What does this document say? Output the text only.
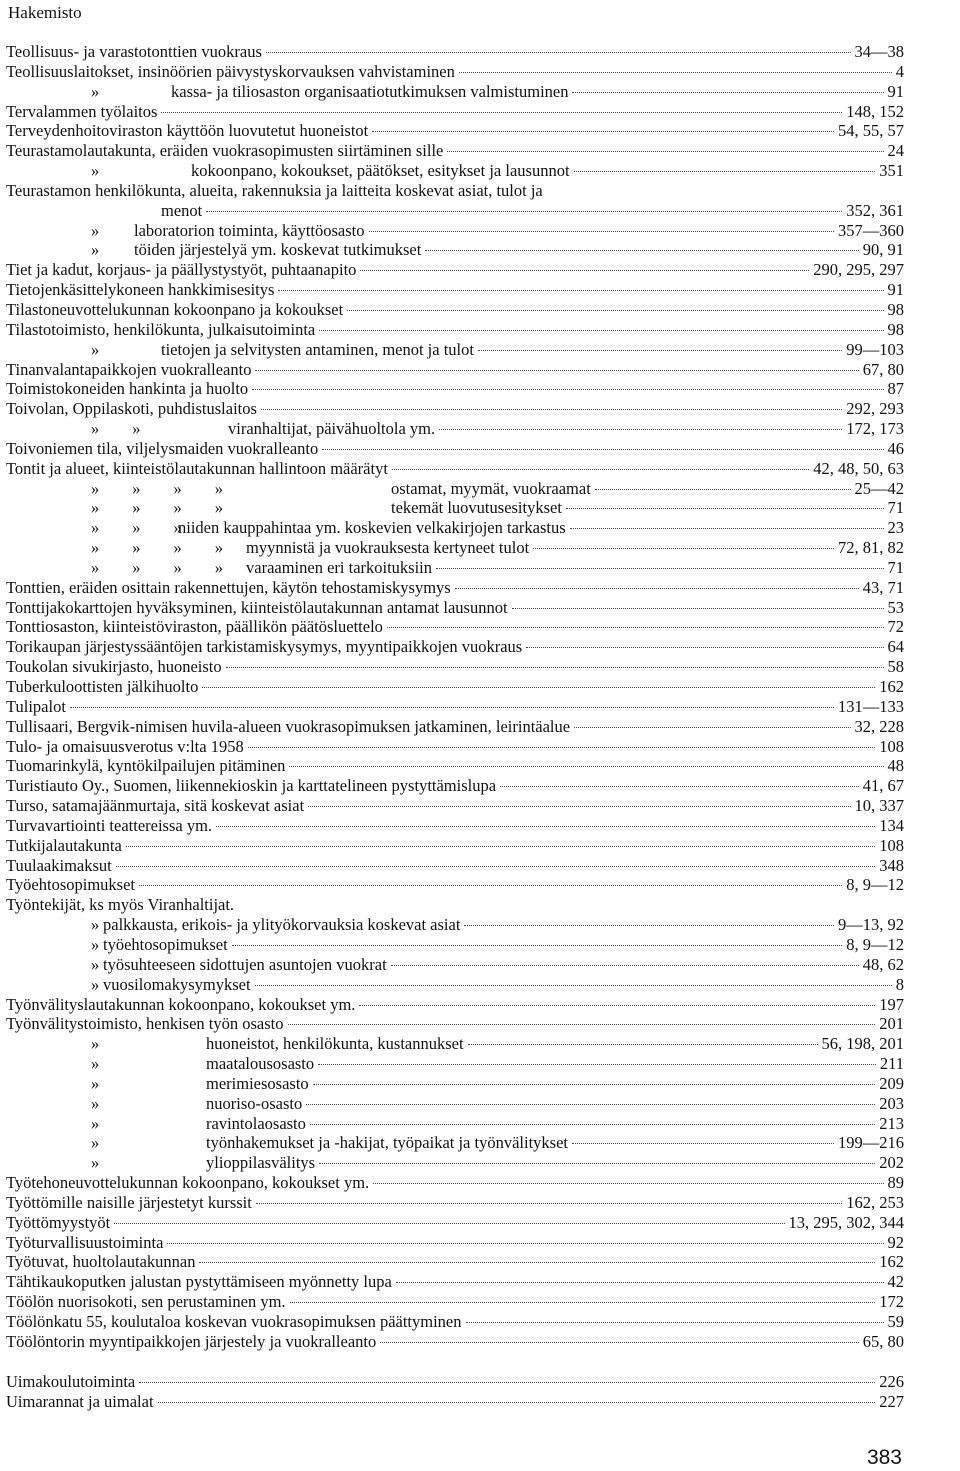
Hakemisto
Teollisuus- ja varastotonttien vuokraus	34—38
Teollisuuslaitokset, insinöörien päivystyskorvauksen vahvistaminen	4
»	kassa- ja tiliosaston organisaatiotutkimuksen valmistuminen	91
Tervalammen työlaitos	148, 152
Terveydenhoitoviraston käyttöön luovutetut huoneistot	54, 55, 57
Teurastamolautakunta, eräiden vuokrasopimusten siirtäminen sille	24
»	kokoonpano, kokoukset, päätökset, esitykset ja lausunnot	351
Teurastamon henkilökunta, alueita, rakennuksia ja laitteita koskevat asiat, tulot ja
menot	352, 361
» laboratorion toiminta, käyttöosasto	357—360
» töiden järjestelyä ym. koskevat tutkimukset	90, 91
Tiet ja kadut, korjaus- ja päällystystyöt, puhtaanapito	290, 295, 297
Tietojenkäsittelykoneen hankkimisesitys	91
Tilastoneuvottelukunnan kokoonpano ja kokoukset	98
Tilastotoimisto, henkilökunta, julkaisutoiminta	98
»	tietojen ja selvitysten antaminen, menot ja tulot	99—103
Tinanvalantapaikkojen vuokralleanto	67, 80
Toimistokoneiden hankinta ja huolto	87
Toivolan, Oppilaskoti, puhdistuslaitos	292, 293
»        »	viranhaltijat, päivähuoltola ym.	172, 173
Toivoniemen tila, viljelysmaiden vuokralleanto	46
Tontit ja alueet, kiinteistölautakunnan hallintoon määrätyt	42, 48, 50, 63
»        »        »        »	ostamat, myymät, vuokraamat	25—42
»        »        »        »	tekemät luovutusesitykset	71
»        »        »niiden kauppahintaa ym. koskevien velkakirjojen tarkastus	23
»        »        »        » myynnistä ja vuokrauksesta kertyneet tulot	72, 81, 82
»        »        »        » varaaminen eri tarkoituksiin	71
Tonttien, eräiden osittain rakennettujen, käytön tehostamiskysymys	43, 71
Tonttijakokarttojen hyväksyminen, kiinteistölautakunnan antamat lausunnot	53
Tonttiosaston, kiinteistöviraston, päällikön päätösluettelo	72
Torikaupan järjestyssääntöjen tarkistamiskysymys, myyntipaikkojen vuokraus	64
Toukolan sivukirjasto, huoneisto	58
Tuberkuloottisten jälkihuolto	162
Tulipalot	131—133
Tullisaari, Bergvik-nimisen huvila-alueen vuokrasopimuksen jatkaminen, leirintäalue	32, 228
Tulo- ja omaisuusverotus v:lta 1958	108
Tuomarinkylä, kyntökilpailujen pitäminen	48
Turistiauto Oy., Suomen, liikennekioskin ja karttatelineen pystyttämislupa	41, 67
Turso, satamajäänmurtaja, sitä koskevat asiat	10, 337
Turvavartiointi teattereissa ym.	134
Tutkijalautakunta	108
Tuulaakimaksut	348
Työehtosopimukset	8, 9—12
Työntekijät, ks myös Viranhaltijat.
» palkkausta, erikois- ja ylityökorvauksia koskevat asiat	9—13, 92
» työehtosopimukset	8, 9—12
» työsuhteeseen sidottujen asuntojen vuokrat	48, 62
» vuosilomakysymykset	8
Työnvälityslautakunnan kokoonpano, kokoukset ym.	197
Työnvälitystoimisto, henkisen työn osasto	201
»	huoneistot, henkilökunta, kustannukset	56, 198, 201
»	maatalousosasto	211
»	merimiesosasto	209
»	nuoriso-osasto	203
»	ravintolaosasto	213
»	työnhakemukset ja -hakijat, työpaikat ja työnvälitykset	199—216
»	ylioppilasvälitys	202
Työtehoneuvottelukunnan kokoonpano, kokoukset ym.	89
Työttömille naisille järjestetyt kurssit	162, 253
Työttömyystyöt	13, 295, 302, 344
Työturvallisuustoiminta	92
Työtuvat, huoltolautakunnan	162
Tähtikaukoputken jalustan pystyttämiseen myönnetty lupa	42
Töölön nuorisokoti, sen perustaminen ym.	172
Töölönkatu 55, koulutaloa koskevan vuokrasopimuksen päättyminen	59
Töölöntorin myyntipaikkojen järjestely ja vuokralleanto	65, 80
Uimakoulutoiminta	226
Uimarannat ja uimalat	227
383
